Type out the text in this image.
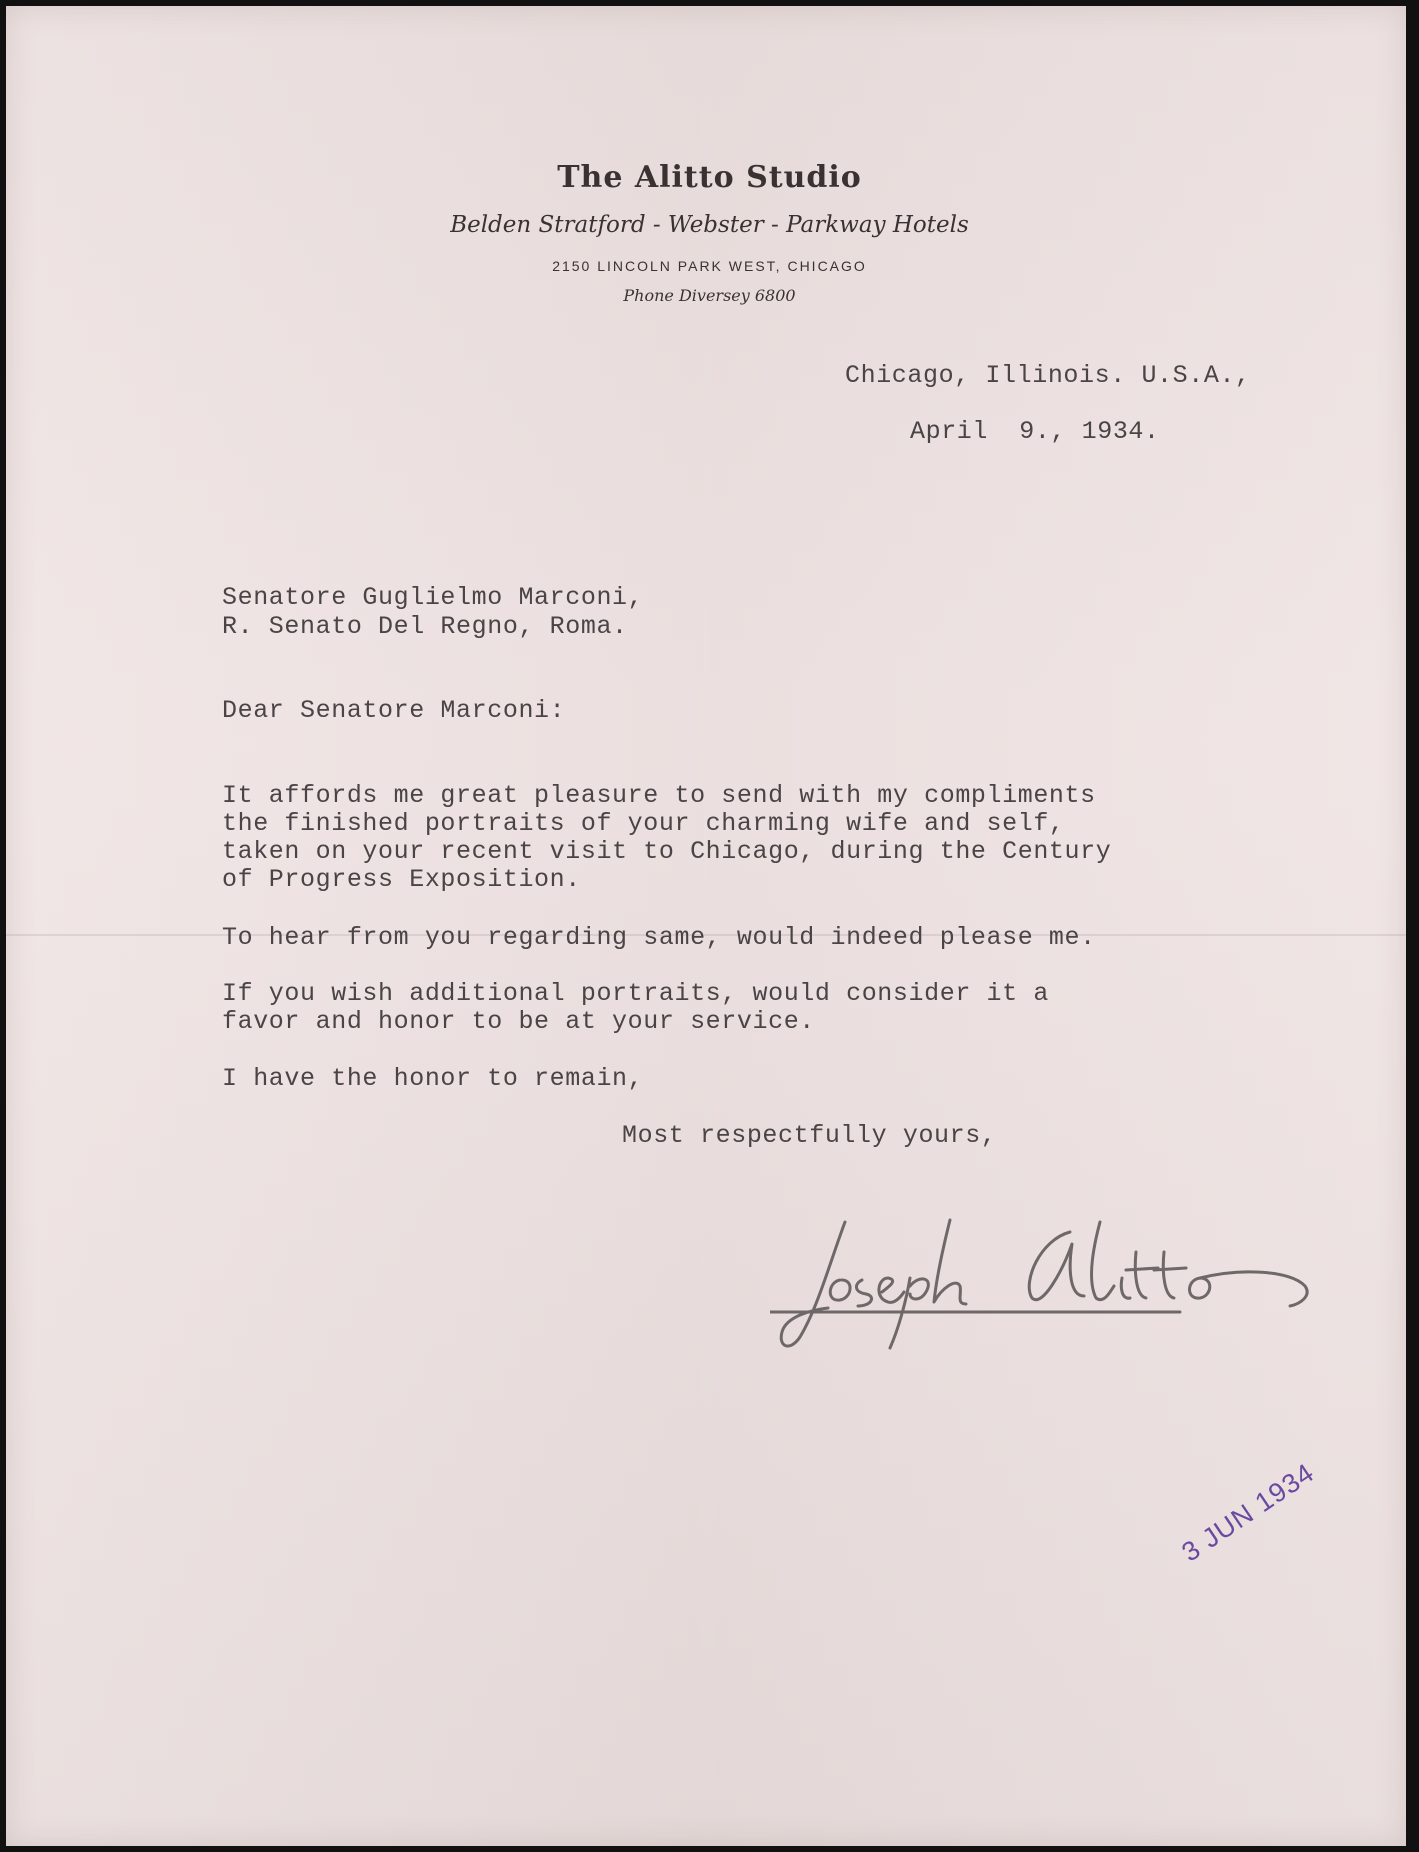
The Alitto Studio
Belden Stratford - Webster - Parkway Hotels
2150 LINCOLN PARK WEST, CHICAGO
Phone Diversey 6800
Chicago, Illinois. U.S.A.,
April  9., 1934.
Senatore Guglielmo Marconi,
R. Senato Del Regno, Roma.
Dear Senatore Marconi:
It affords me great pleasure to send with my compliments
the finished portraits of your charming wife and self,
taken on your recent visit to Chicago, during the Century
of Progress Exposition.
To hear from you regarding same, would indeed please me.
If you wish additional portraits, would consider it a
favor and honor to be at your service.
I have the honor to remain,
Most respectfully yours,
3 JUN 1934
